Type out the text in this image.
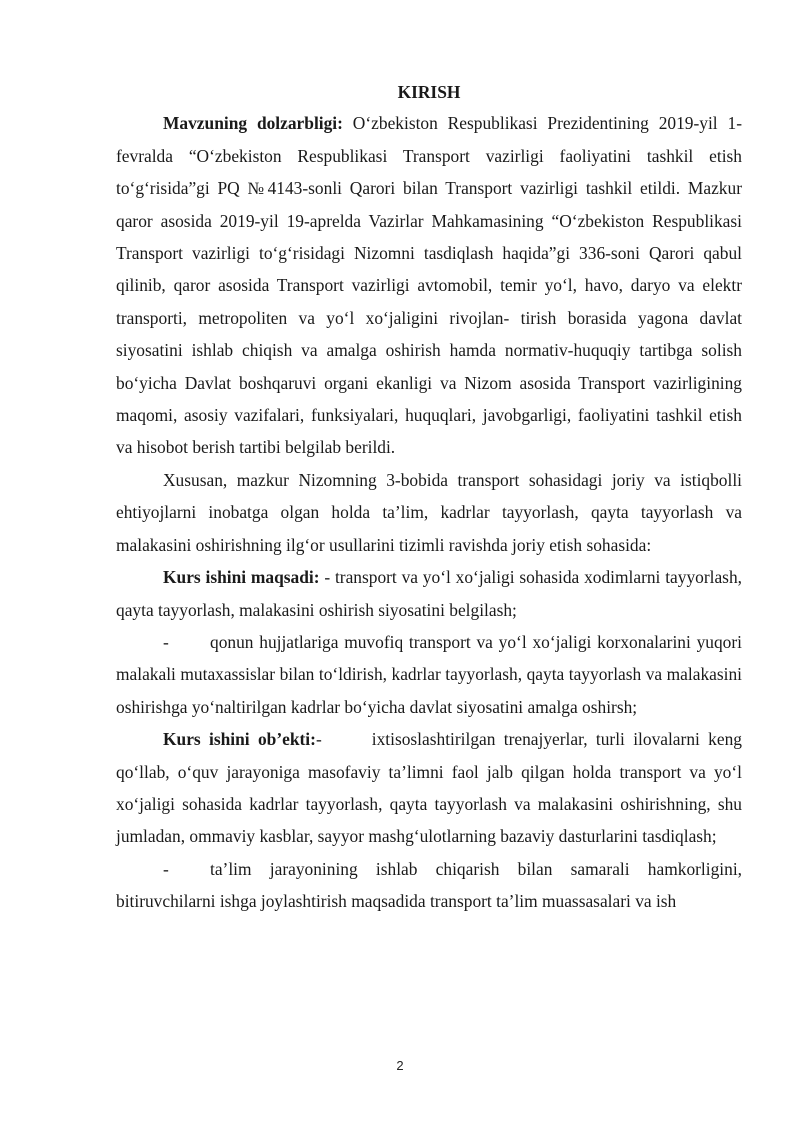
KIRISH

Mavzuning dolzarbligi: O‘zbekiston Respublikasi Prezidentining 2019-yil 1-fevralda “O‘zbekiston Respublikasi Transport vazirligi faoliyatini tashkil etish to‘g‘risida”gi PQ №4143-sonli Qarori bilan Transport vazirligi tashkil etildi. Mazkur qaror asosida 2019-yil 19-aprelda Vazirlar Mahkamasining “O‘zbekiston Respublikasi Transport vazirligi to‘g‘risidagi Nizomni tasdiqlash haqida”gi 336-soni Qarori qabul qilinib, qaror asosida Transport vazirligi avtomobil, temir yo‘l, havo, daryo va elektr transporti, metropoliten va yo‘l xo‘jaligini rivojlan- tirish borasida yagona davlat siyosatini ishlab chiqish va amalga oshirish hamda normativ-huquqiy tartibga solish bo‘yicha Davlat boshqaruvi organi ekanligi va Nizom asosida Transport vazirligining maqomi, asosiy vazifalari, funksiyalari, huquqlari, javobgarligi, faoliyatini tashkil etish va hisobot berish tartibi belgilab berildi.

Xususan, mazkur Nizomning 3-bobida transport sohasidagi joriy va istiqbolli ehtiyojlarni inobatga olgan holda ta’lim, kadrlar tayyorlash, qayta tayyorlash va malakasini oshirishning ilg‘or usullarini tizimli ravishda joriy etish sohasida:

Kurs ishini maqsadi: - transport va yo‘l xo‘jaligi sohasida xodimlarni tayyorlash, qayta tayyorlash, malakasini oshirish siyosatini belgilash;

- qonun hujjatlariga muvofiq transport va yo‘l xo‘jaligi korxonalarini yuqori malakali mutaxassislar bilan to‘ldirish, kadrlar tayyorlash, qayta tayyorlash va malakasini oshirishga yo‘naltirilgan kadrlar bo‘yicha davlat siyosatini amalga oshirsh;

Kurs ishini ob’ekti:-      ixtisoslashtirilgan trenajyerlar, turli ilovalarni keng qo‘llab, o‘quv jarayoniga masofaviy ta’limni faol jalb qilgan holda transport va yo‘l xo‘jaligi sohasida kadrlar tayyorlash, qayta tayyorlash va malakasini oshirishning, shu jumladan, ommaviy kasblar, sayyor mashg‘ulotlarning bazaviy dasturlarini tasdiqlash;

- ta’lim jarayonining ishlab chiqarish bilan samarali hamkorligini, bitiruvchilarni ishga joylashtirish maqsadida transport ta’lim muassasalari va ish

2
